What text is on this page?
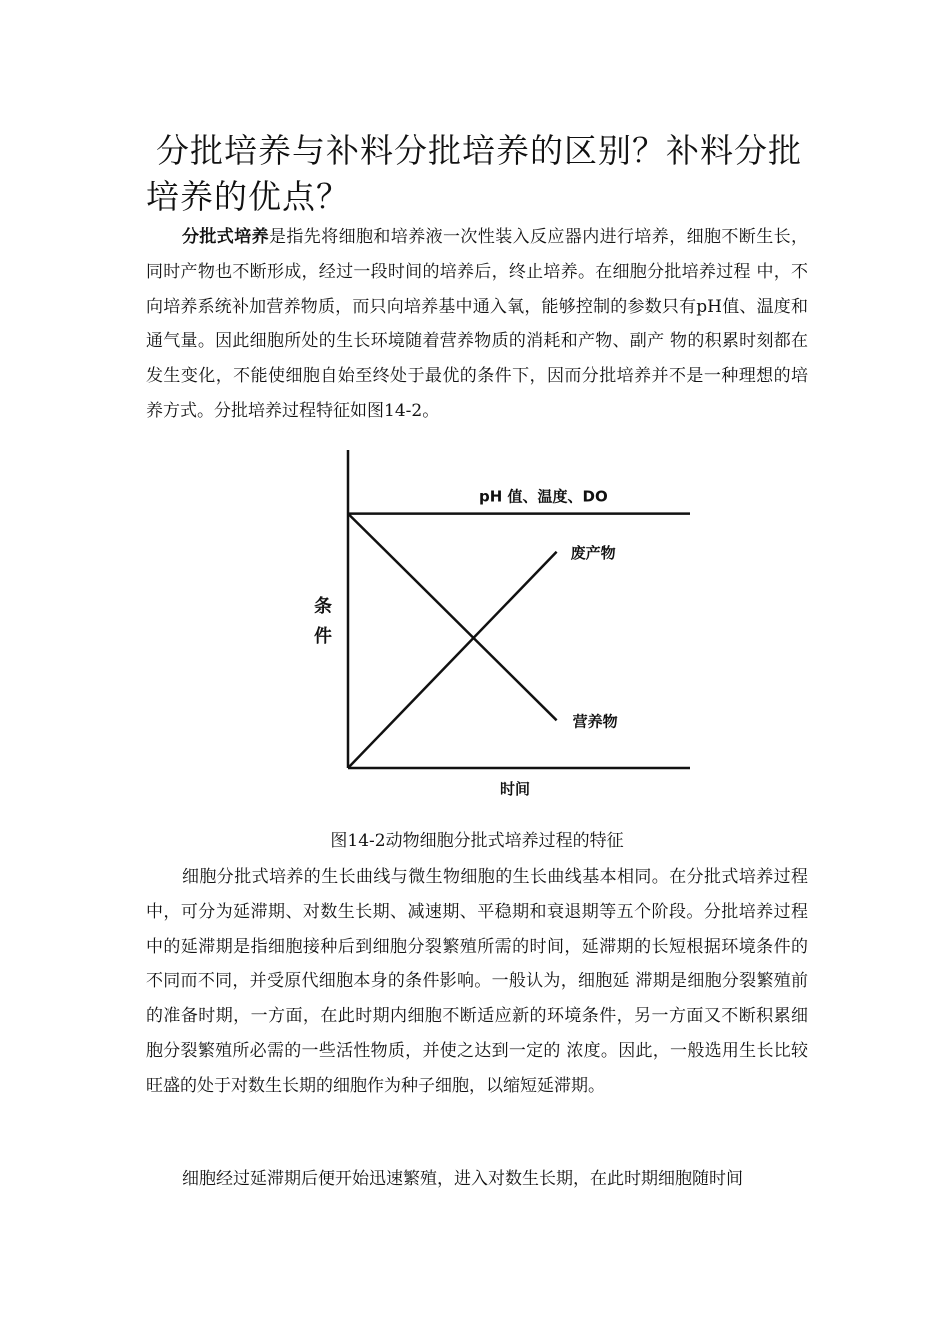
分批培养与补料分批培养的区别？补料分批培养的优点？

分批式培养是指先将细胞和培养液一次性装入反应器内进行培养，细胞不断生长，同时产物也不断形成，经过一段时间的培养后，终止培养。在细胞分批培养过程 中，不向培养系统补加营养物质，而只向培养基中通入氧，能够控制的参数只有pH值、温度和通气量。因此细胞所处的生长环境随着营养物质的消耗和产物、副产 物的积累时刻都在发生变化，不能使细胞自始至终处于最优的条件下，因而分批培养并不是一种理想的培养方式。分批培养过程特征如图14-2。

pH 值、温度、DO
废产物
营养物
条件
时间

图14-2动物细胞分批式培养过程的特征

细胞分批式培养的生长曲线与微生物细胞的生长曲线基本相同。在分批式培养过程中，可分为延滞期、对数生长期、减速期、平稳期和衰退期等五个阶段。分批培养过程中的延滞期是指细胞接种后到细胞分裂繁殖所需的时间，延滞期的长短根据环境条件的不同而不同，并受原代细胞本身的条件影响。一般认为，细胞延 滞期是细胞分裂繁殖前的准备时期，一方面，在此时期内细胞不断适应新的环境条件，另一方面又不断积累细胞分裂繁殖所必需的一些活性物质，并使之达到一定的 浓度。因此，一般选用生长比较旺盛的处于对数生长期的细胞作为种子细胞，以缩短延滞期。

细胞经过延滞期后便开始迅速繁殖，进入对数生长期，在此时期细胞随时间
